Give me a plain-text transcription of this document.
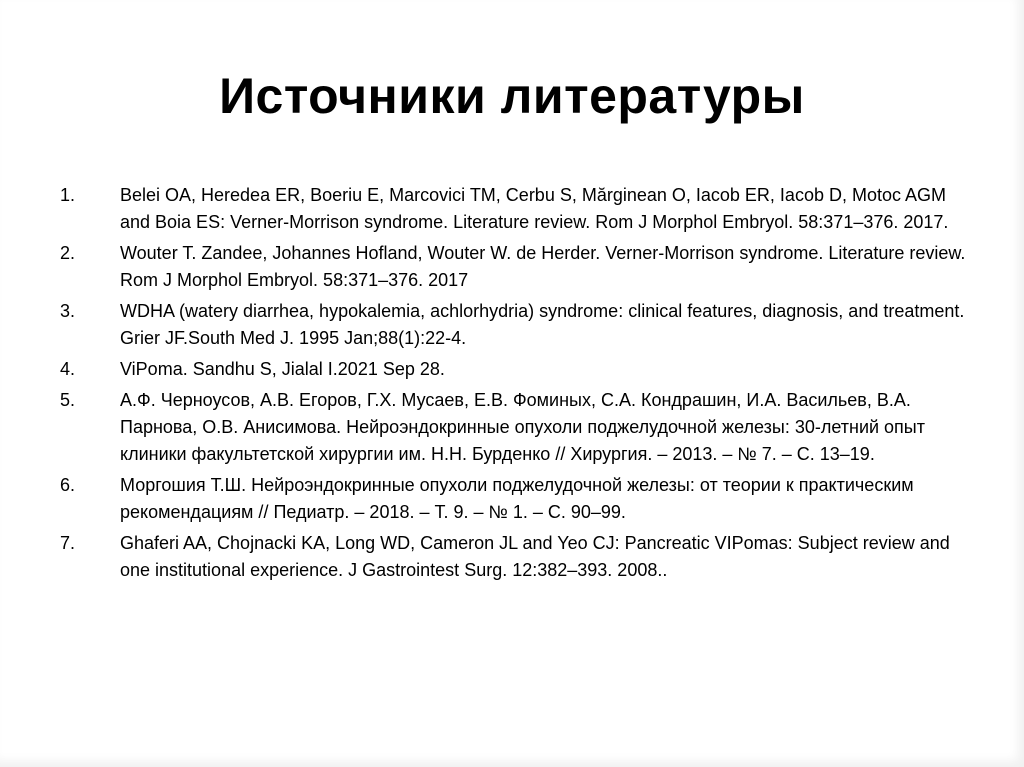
Источники литературы
1.	Belei OA, Heredea ER, Boeriu E, Marcovici TM, Cerbu S, Mărginean O, Iacob ER, Iacob D, Motoc AGM and Boia ES: Verner-Morrison syndrome. Literature review. Rom J Morphol Embryol. 58:371–376. 2017.
2.	Wouter T. Zandee, Johannes Hofland, Wouter W. de Herder. Verner-Morrison syndrome. Literature review. Rom J Morphol Embryol. 58:371–376. 2017
3.	WDHA (watery diarrhea, hypokalemia, achlorhydria) syndrome: clinical features, diagnosis, and treatment. Grier JF.South Med J. 1995 Jan;88(1):22-4.
4.	ViPoma. Sandhu S, Jialal I.2021 Sep 28.
5.	А.Ф. Черноусов, А.В. Егоров, Г.Х. Мусаев, Е.В. Фоминых, С.А. Кондрашин, И.А. Васильев, В.А. Парнова, О.В. Анисимова. Нейроэндокринные опухоли поджелудочной железы: 30-летний опыт клиники факультетской хирургии им. Н.Н. Бурденко // Хирургия. – 2013. – № 7. – С. 13–19.
6.	Моргошия Т.Ш. Нейроэндокринные опухоли поджелудочной железы: от теории к практическим рекомендациям // Педиатр. – 2018. – Т. 9. – № 1. – С. 90–99.
7.	Ghaferi AA, Chojnacki KA, Long WD, Cameron JL and Yeo CJ: Pancreatic VIPomas: Subject review and one institutional experience. J Gastrointest Surg. 12:382–393. 2008..
